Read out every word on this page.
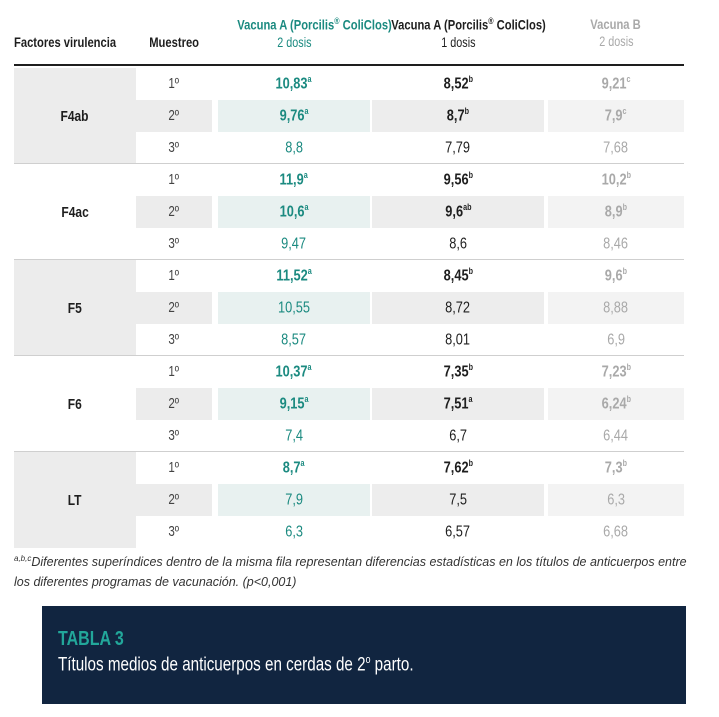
Factores virulencia	Muestreo
Vacuna A (Porcilis® ColiClos)
2 dosis
Vacuna A (Porcilis® ColiClos)
1 dosis
Vacuna B
2 dosis
F4ab
1º	10,83$^a$	8,52$^b$	9,21$^c$
2º	9,76$^a$	8,7$^b$	7,9$^c$
3º	8,8	7,79	7,68
F4ac
1º	11,9$^a$	9,56$^b$	10,2$^b$
2º	10,6$^a$	9,6$^{ab}$	8,9$^b$
3º	9,47	8,6	8,46
F5
1º	11,52$^a$	8,45$^b$	9,6$^b$
2º	10,55	8,72	8,88
3º	8,57	8,01	6,9
F6
1º	10,37$^a$	7,35$^b$	7,23$^b$
2º	9,15$^a$	7,51$^a$	6,24$^b$
3º	7,4	6,7	6,44
LT
1º	8,7$^a$	7,62$^b$	7,3$^b$
2º	7,9	7,5	6,3
3º	6,3	6,57	6,68
$^{a,b,c}$Diferentes superíndices dentro de la misma fila representan diferencias estadísticas en los títulos de anticuerpos entre los diferentes programas de vacunación. (p<0,001)
TABLA 3
Títulos medios de anticuerpos en cerdas de 2$^o$ parto.
